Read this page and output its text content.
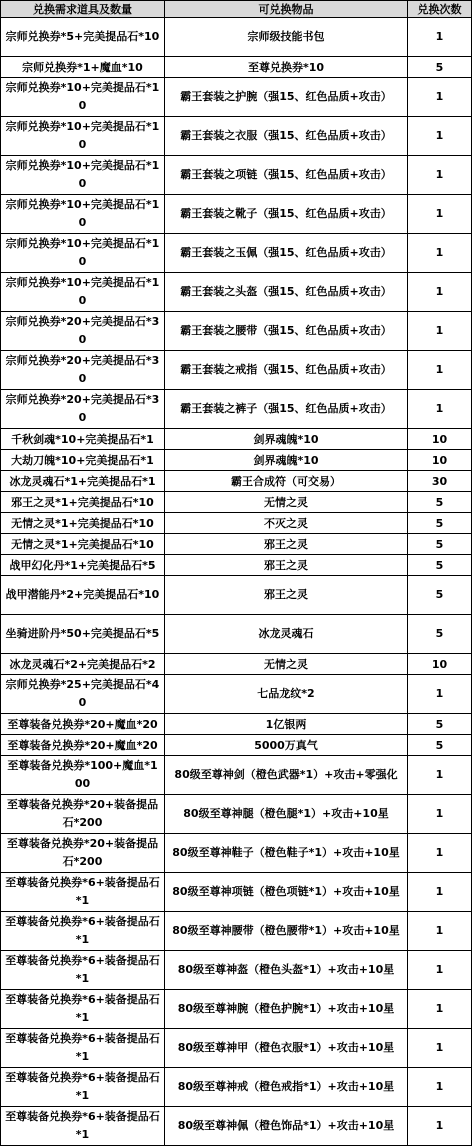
兑换需求道具及数量	可兑换物品	兑换次数
宗师兑换券*5+完美提品石*10	宗师级技能书包	1
宗师兑换券*1+魔血*10	至尊兑换券*10	5
宗师兑换券*10+完美提品石*10	霸王套装之护腕（强15、红色品质+攻击）	1
宗师兑换券*10+完美提品石*10	霸王套装之衣服（强15、红色品质+攻击）	1
宗师兑换券*10+完美提品石*10	霸王套装之项链（强15、红色品质+攻击）	1
宗师兑换券*10+完美提品石*10	霸王套装之靴子（强15、红色品质+攻击）	1
宗师兑换券*10+完美提品石*10	霸王套装之玉佩（强15、红色品质+攻击）	1
宗师兑换券*10+完美提品石*10	霸王套装之头盔（强15、红色品质+攻击）	1
宗师兑换券*20+完美提品石*30	霸王套装之腰带（强15、红色品质+攻击）	1
宗师兑换券*20+完美提品石*30	霸王套装之戒指（强15、红色品质+攻击）	1
宗师兑换券*20+完美提品石*30	霸王套装之裤子（强15、红色品质+攻击）	1
千秋剑魂*10+完美提品石*1	剑界魂魄*10	10
大劫刀魄*10+完美提品石*1	剑界魂魄*10	10
冰龙灵魂石*1+完美提品石*1	霸王合成符（可交易）	30
邪王之灵*1+完美提品石*10	无情之灵	5
无情之灵*1+完美提品石*10	不灭之灵	5
无情之灵*1+完美提品石*10	邪王之灵	5
战甲幻化丹*1+完美提品石*5	邪王之灵	5
战甲潜能丹*2+完美提品石*10	邪王之灵	5
坐骑进阶丹*50+完美提品石*5	冰龙灵魂石	5
冰龙灵魂石*2+完美提品石*2	无情之灵	10
宗师兑换券*25+完美提品石*40	七品龙纹*2	1
至尊装备兑换券*20+魔血*20	1亿银两	5
至尊装备兑换券*20+魔血*20	5000万真气	5
至尊装备兑换券*100+魔血*100	80级至尊神剑（橙色武器*1）+攻击+零强化	1
至尊装备兑换券*20+装备提品石*200	80级至尊神腿（橙色腿*1）+攻击+10星	1
至尊装备兑换券*20+装备提品石*200	80级至尊神鞋子（橙色鞋子*1）+攻击+10星	1
至尊装备兑换券*6+装备提品石*1	80级至尊神项链（橙色项链*1）+攻击+10星	1
至尊装备兑换券*6+装备提品石*1	80级至尊神腰带（橙色腰带*1）+攻击+10星	1
至尊装备兑换券*6+装备提品石*1	80级至尊神盔（橙色头盔*1）+攻击+10星	1
至尊装备兑换券*6+装备提品石*1	80级至尊神腕（橙色护腕*1）+攻击+10星	1
至尊装备兑换券*6+装备提品石*1	80级至尊神甲（橙色衣服*1）+攻击+10星	1
至尊装备兑换券*6+装备提品石*1	80级至尊神戒（橙色戒指*1）+攻击+10星	1
至尊装备兑换券*6+装备提品石*1	80级至尊神佩（橙色饰品*1）+攻击+10星	1
